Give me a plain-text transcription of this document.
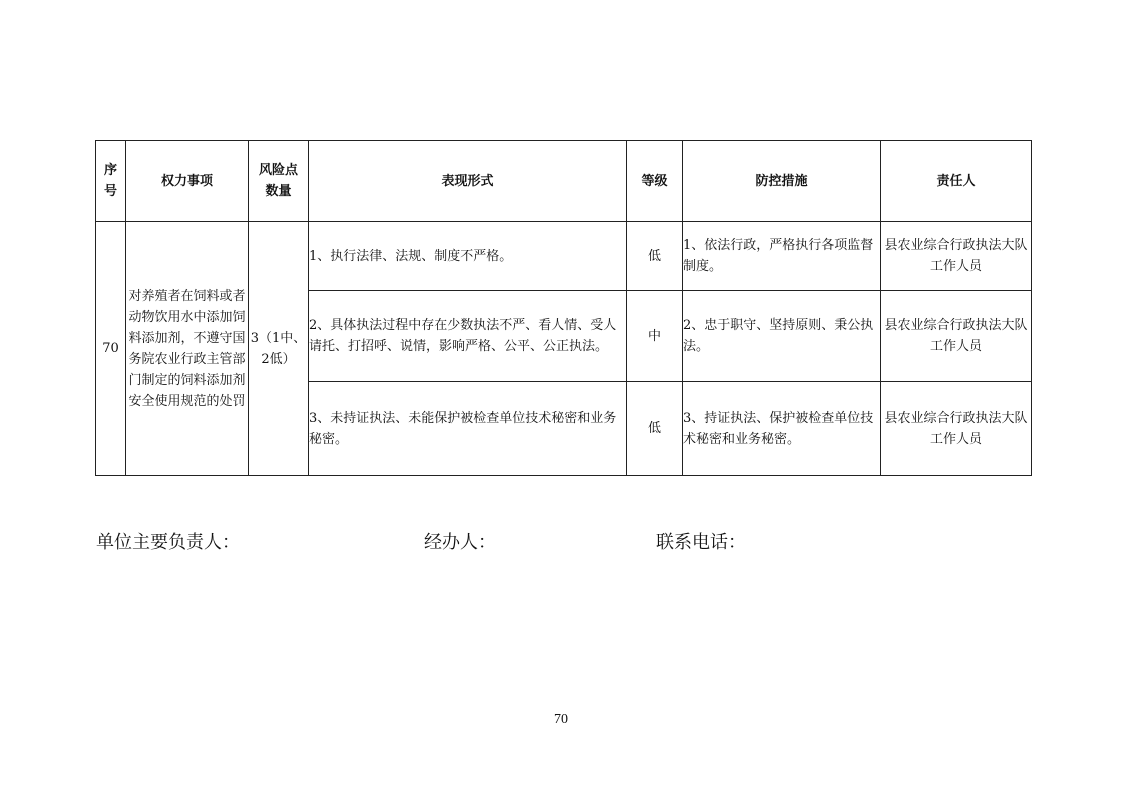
序号	权力事项	风险点数量	表现形式	等级	防控措施	责任人
70	对养殖者在饲料或者动物饮用水中添加饲料添加剂，不遵守国务院农业行政主管部门制定的饲料添加剂安全使用规范的处罚	3（1中、2低）	1、执行法律、法规、制度不严格。	低	1、依法行政，严格执行各项监督制度。	县农业综合行政执法大队工作人员
			2、具体执法过程中存在少数执法不严、看人情、受人请托、打招呼、说情，影响严格、公平、公正执法。	中	2、忠于职守、坚持原则、秉公执法。	县农业综合行政执法大队工作人员
			3、未持证执法、未能保护被检查单位技术秘密和业务秘密。	低	3、持证执法、保护被检查单位技术秘密和业务秘密。	县农业综合行政执法大队工作人员
单位主要负责人：	经办人：	联系电话：
70
